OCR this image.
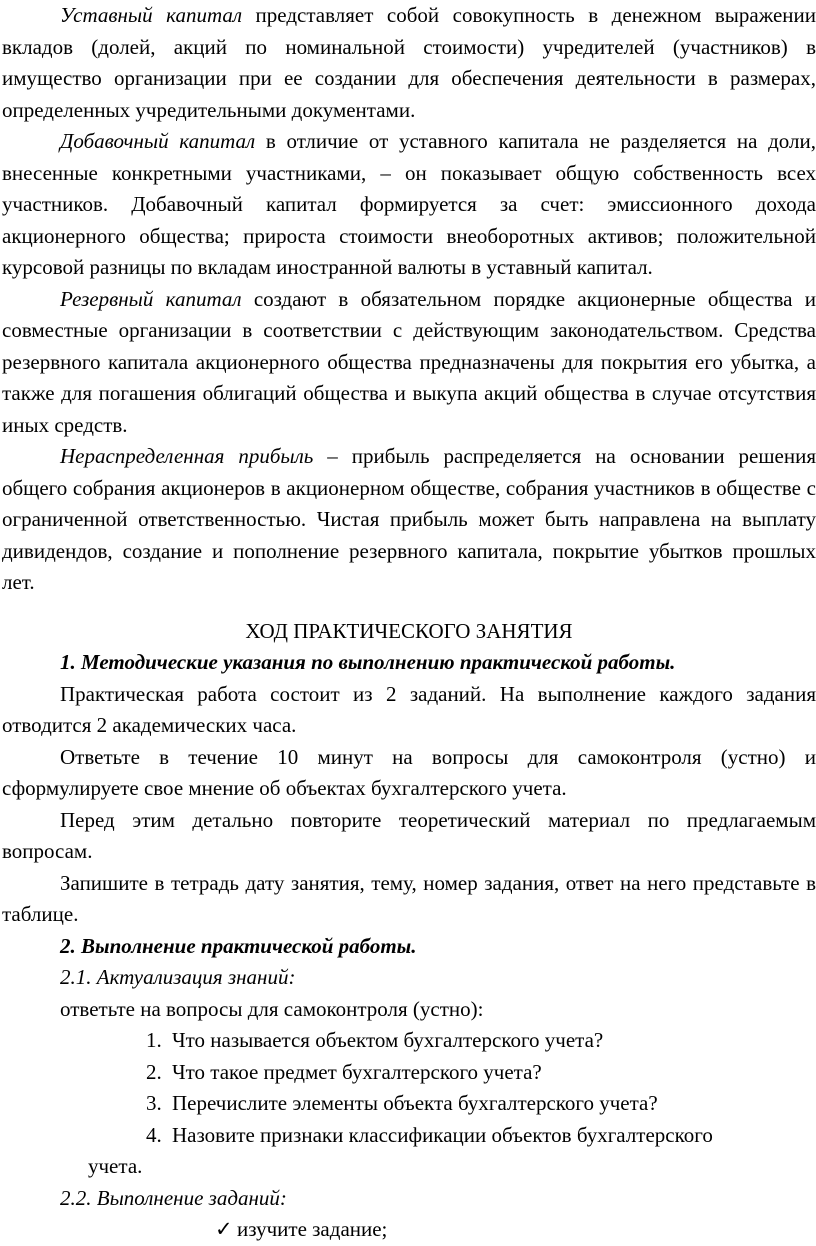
Уставный капитал представляет собой совокупность в денежном выражении вкладов (долей, акций по номинальной стоимости) учредителей (участников) в имущество организации при ее создании для обеспечения деятельности в размерах, определенных учредительными документами.

Добавочный капитал в отличие от уставного капитала не разделяется на доли, внесенные конкретными участниками, – он показывает общую собственность всех участников. Добавочный капитал формируется за счет: эмиссионного дохода акционерного общества; прироста стоимости внеоборотных активов; положительной курсовой разницы по вкладам иностранной валюты в уставный капитал.

Резервный капитал создают в обязательном порядке акционерные общества и совместные организации в соответствии с действующим законодательством. Средства резервного капитала акционерного общества предназначены для покрытия его убытка, а также для погашения облигаций общества и выкупа акций общества в случае отсутствия иных средств.

Нераспределенная прибыль – прибыль распределяется на основании решения общего собрания акционеров в акционерном обществе, собрания участников в обществе с ограниченной ответственностью. Чистая прибыль может быть направлена на выплату дивидендов, создание и пополнение резервного капитала, покрытие убытков прошлых лет.

ХОД ПРАКТИЧЕСКОГО ЗАНЯТИЯ

1. Методические указания по выполнению практической работы.

Практическая работа состоит из 2 заданий. На выполнение каждого задания отводится 2 академических часа.

Ответьте в течение 10 минут на вопросы для самоконтроля (устно) и сформулируете свое мнение об объектах бухгалтерского учета.

Перед этим детально повторите теоретический материал по предлагаемым вопросам.

Запишите в тетрадь дату занятия, тему, номер задания, ответ на него представьте в таблице.

2. Выполнение практической работы.

2.1. Актуализация знаний:

ответьте на вопросы для самоконтроля (устно):

1. Что называется объектом бухгалтерского учета?
2. Что такое предмет бухгалтерского учета?
3. Перечислите элементы объекта бухгалтерского учета?
4. Назовите признаки классификации объектов бухгалтерского
учета.

2.2. Выполнение заданий:

✓ изучите задание;
